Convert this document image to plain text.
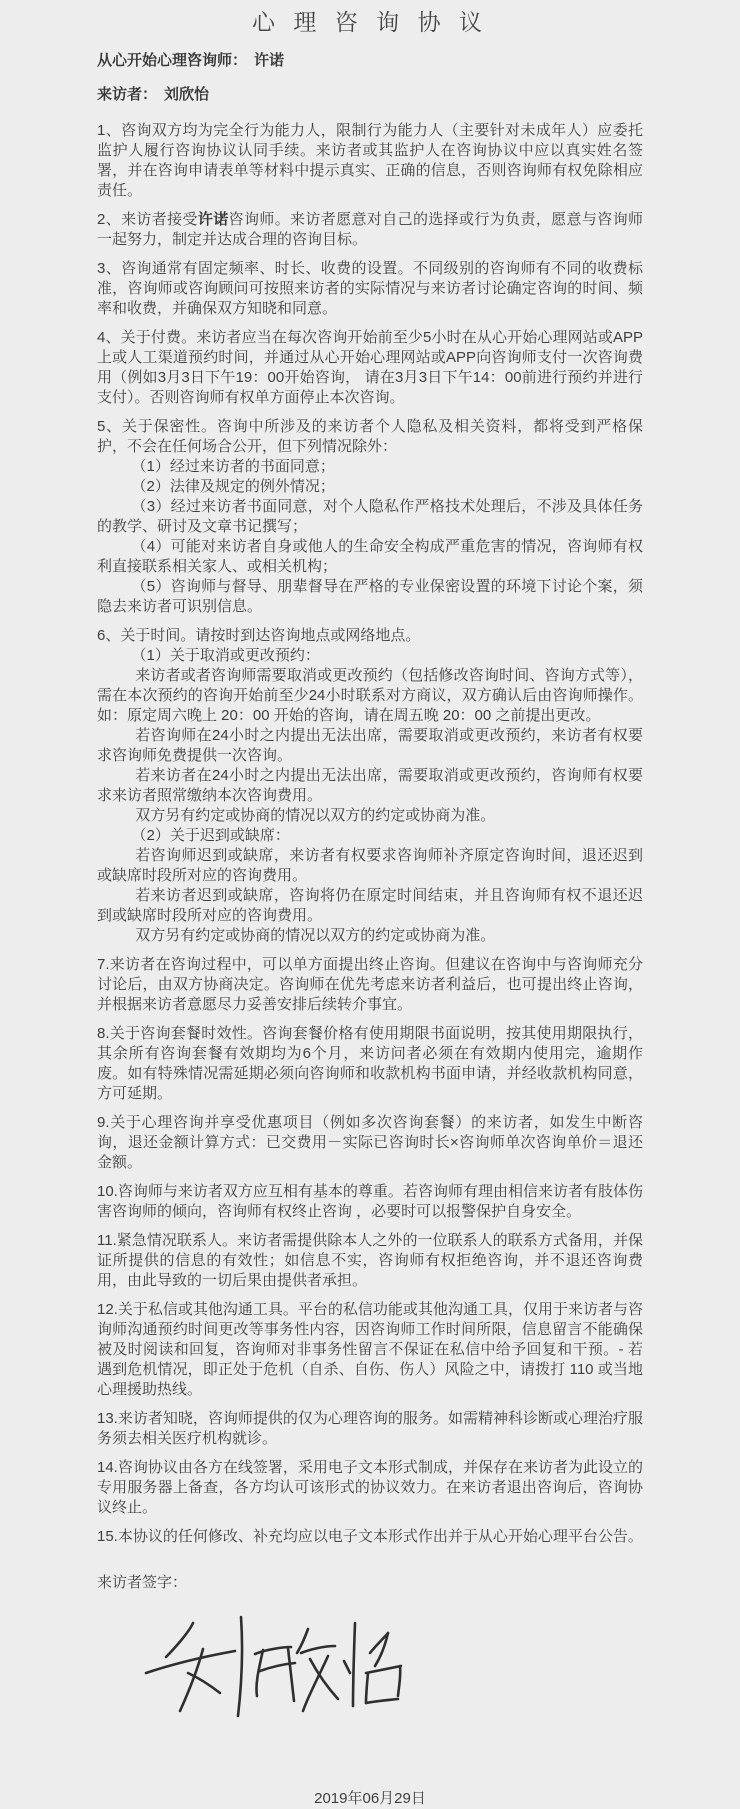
心 理 咨 询 协 议
从心开始心理咨询师： 许诺
来访者： 刘欣怡
1、咨询双方均为完全行为能力人，限制行为能力人（主要针对未成年人）应委托监护人履行咨询协议认同手续。来访者或其监护人在咨询协议中应以真实姓名签署，并在咨询申请表单等材料中提示真实、正确的信息，否则咨询师有权免除相应责任。
2、来访者接受许诺咨询师。来访者愿意对自己的选择或行为负责，愿意与咨询师一起努力，制定并达成合理的咨询目标。
3、咨询通常有固定频率、时长、收费的设置。不同级别的咨询师有不同的收费标准，咨询师或咨询顾问可按照来访者的实际情况与来访者讨论确定咨询的时间、频率和收费，并确保双方知晓和同意。
4、关于付费。来访者应当在每次咨询开始前至少5小时在从心开始心理网站或APP上或人工渠道预约时间，并通过从心开始心理网站或APP向咨询师支付一次咨询费用（例如3月3日下午19：00开始咨询， 请在3月3日下午14：00前进行预约并进行支付）。否则咨询师有权单方面停止本次咨询。
5、关于保密性。咨询中所涉及的来访者个人隐私及相关资料，都将受到严格保护，不会在任何场合公开，但下列情况除外：
（1）经过来访者的书面同意；
（2）法律及规定的例外情况；
（3）经过来访者书面同意，对个人隐私作严格技术处理后，不涉及具体任务的教学、研讨及文章书记撰写；
（4）可能对来访者自身或他人的生命安全构成严重危害的情况，咨询师有权利直接联系相关家人、或相关机构；
（5）咨询师与督导、朋辈督导在严格的专业保密设置的环境下讨论个案，须隐去来访者可识别信息。
6、关于时间。请按时到达咨询地点或网络地点。
（1）关于取消或更改预约：
来访者或者咨询师需要取消或更改预约（包括修改咨询时间、咨询方式等），需在本次预约的咨询开始前至少24小时联系对方商议，双方确认后由咨询师操作。如：原定周六晚上 20：00 开始的咨询，请在周五晚 20：00 之前提出更改。
若咨询师在24小时之内提出无法出席，需要取消或更改预约，来访者有权要求咨询师免费提供一次咨询。
若来访者在24小时之内提出无法出席，需要取消或更改预约，咨询师有权要求来访者照常缴纳本次咨询费用。
双方另有约定或协商的情况以双方的约定或协商为准。
（2）关于迟到或缺席：
若咨询师迟到或缺席，来访者有权要求咨询师补齐原定咨询时间，退还迟到或缺席时段所对应的咨询费用。
若来访者迟到或缺席，咨询将仍在原定时间结束，并且咨询师有权不退还迟到或缺席时段所对应的咨询费用。
双方另有约定或协商的情况以双方的约定或协商为准。
7.来访者在咨询过程中，可以单方面提出终止咨询。但建议在咨询中与咨询师充分讨论后，由双方协商决定。咨询师在优先考虑来访者利益后，也可提出终止咨询，并根据来访者意愿尽力妥善安排后续转介事宜。
8.关于咨询套餐时效性。咨询套餐价格有使用期限书面说明，按其使用期限执行，其余所有咨询套餐有效期均为6个月，来访问者必须在有效期内使用完，逾期作废。如有特殊情况需延期必须向咨询师和收款机构书面申请，并经收款机构同意，方可延期。
9.关于心理咨询并享受优惠项目（例如多次咨询套餐）的来访者，如发生中断咨询，退还金额计算方式：已交费用－实际已咨询时长×咨询师单次咨询单价＝退还金额。
10.咨询师与来访者双方应互相有基本的尊重。若咨询师有理由相信来访者有肢体伤害咨询师的倾向，咨询师有权终止咨询 ，必要时可以报警保护自身安全。
11.紧急情况联系人。来访者需提供除本人之外的一位联系人的联系方式备用，并保证所提供的信息的有效性；如信息不实，咨询师有权拒绝咨询，并不退还咨询费用，由此导致的一切后果由提供者承担。
12.关于私信或其他沟通工具。平台的私信功能或其他沟通工具，仅用于来访者与咨询师沟通预约时间更改等事务性内容，因咨询师工作时间所限，信息留言不能确保被及时阅读和回复，咨询师对非事务性留言不保证在私信中给予回复和干预。- 若遇到危机情况，即正处于危机（自杀、自伤、伤人）风险之中，请拨打 110 或当地心理援助热线。
13.来访者知晓，咨询师提供的仅为心理咨询的服务。如需精神科诊断或心理治疗服务须去相关医疗机构就诊。
14.咨询协议由各方在线签署，采用电子文本形式制成，并保存在来访者为此设立的专用服务器上备查，各方均认可该形式的协议效力。在来访者退出咨询后，咨询协议终止。
15.本协议的任何修改、补充均应以电子文本形式作出并于从心开始心理平台公告。
来访者签字：
2019年06月29日
